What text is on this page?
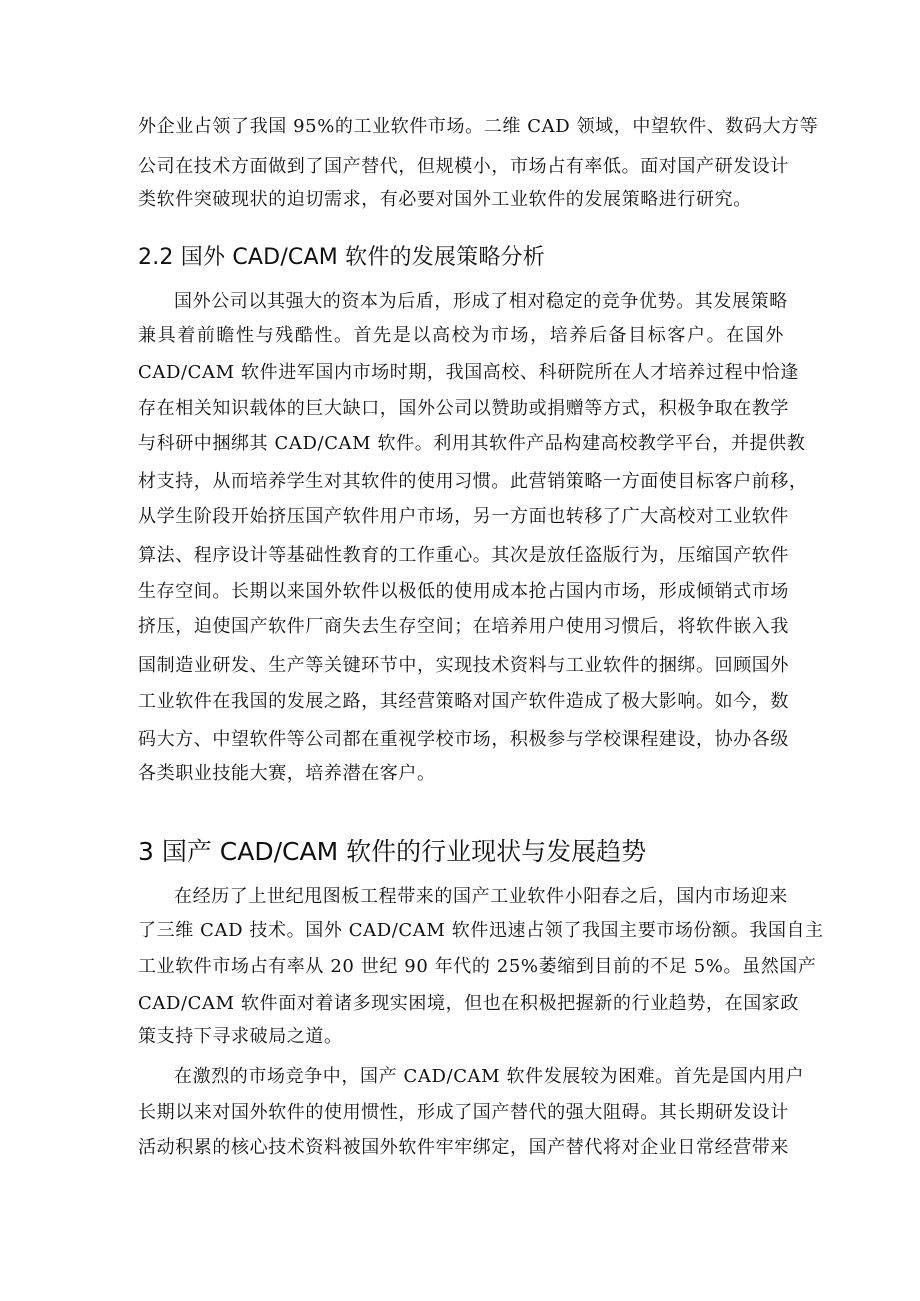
外企业占领了我国 95%的工业软件市场。二维 CAD 领域，中望软件、数码大方等
公司在技术方面做到了国产替代，但规模小，市场占有率低。面对国产研发设计
类软件突破现状的迫切需求，有必要对国外工业软件的发展策略进行研究。
2.2 国外 CAD/CAM 软件的发展策略分析
国外公司以其强大的资本为后盾，形成了相对稳定的竞争优势。其发展策略
兼具着前瞻性与残酷性。首先是以高校为市场，培养后备目标客户。在国外
CAD/CAM 软件进军国内市场时期，我国高校、科研院所在人才培养过程中恰逢
存在相关知识载体的巨大缺口，国外公司以赞助或捐赠等方式，积极争取在教学
与科研中捆绑其 CAD/CAM 软件。利用其软件产品构建高校教学平台，并提供教
材支持，从而培养学生对其软件的使用习惯。此营销策略一方面使目标客户前移，
从学生阶段开始挤压国产软件用户市场，另一方面也转移了广大高校对工业软件
算法、程序设计等基础性教育的工作重心。其次是放任盗版行为，压缩国产软件
生存空间。长期以来国外软件以极低的使用成本抢占国内市场，形成倾销式市场
挤压，迫使国产软件厂商失去生存空间；在培养用户使用习惯后，将软件嵌入我
国制造业研发、生产等关键环节中，实现技术资料与工业软件的捆绑。回顾国外
工业软件在我国的发展之路，其经营策略对国产软件造成了极大影响。如今，数
码大方、中望软件等公司都在重视学校市场，积极参与学校课程建设，协办各级
各类职业技能大赛，培养潜在客户。
3 国产 CAD/CAM 软件的行业现状与发展趋势
在经历了上世纪甩图板工程带来的国产工业软件小阳春之后，国内市场迎来
了三维 CAD 技术。国外 CAD/CAM 软件迅速占领了我国主要市场份额。我国自主
工业软件市场占有率从 20 世纪 90 年代的 25%萎缩到目前的不足 5%。虽然国产
CAD/CAM 软件面对着诸多现实困境，但也在积极把握新的行业趋势，在国家政
策支持下寻求破局之道。
在激烈的市场竞争中，国产 CAD/CAM 软件发展较为困难。首先是国内用户
长期以来对国外软件的使用惯性，形成了国产替代的强大阻碍。其长期研发设计
活动积累的核心技术资料被国外软件牢牢绑定，国产替代将对企业日常经营带来
